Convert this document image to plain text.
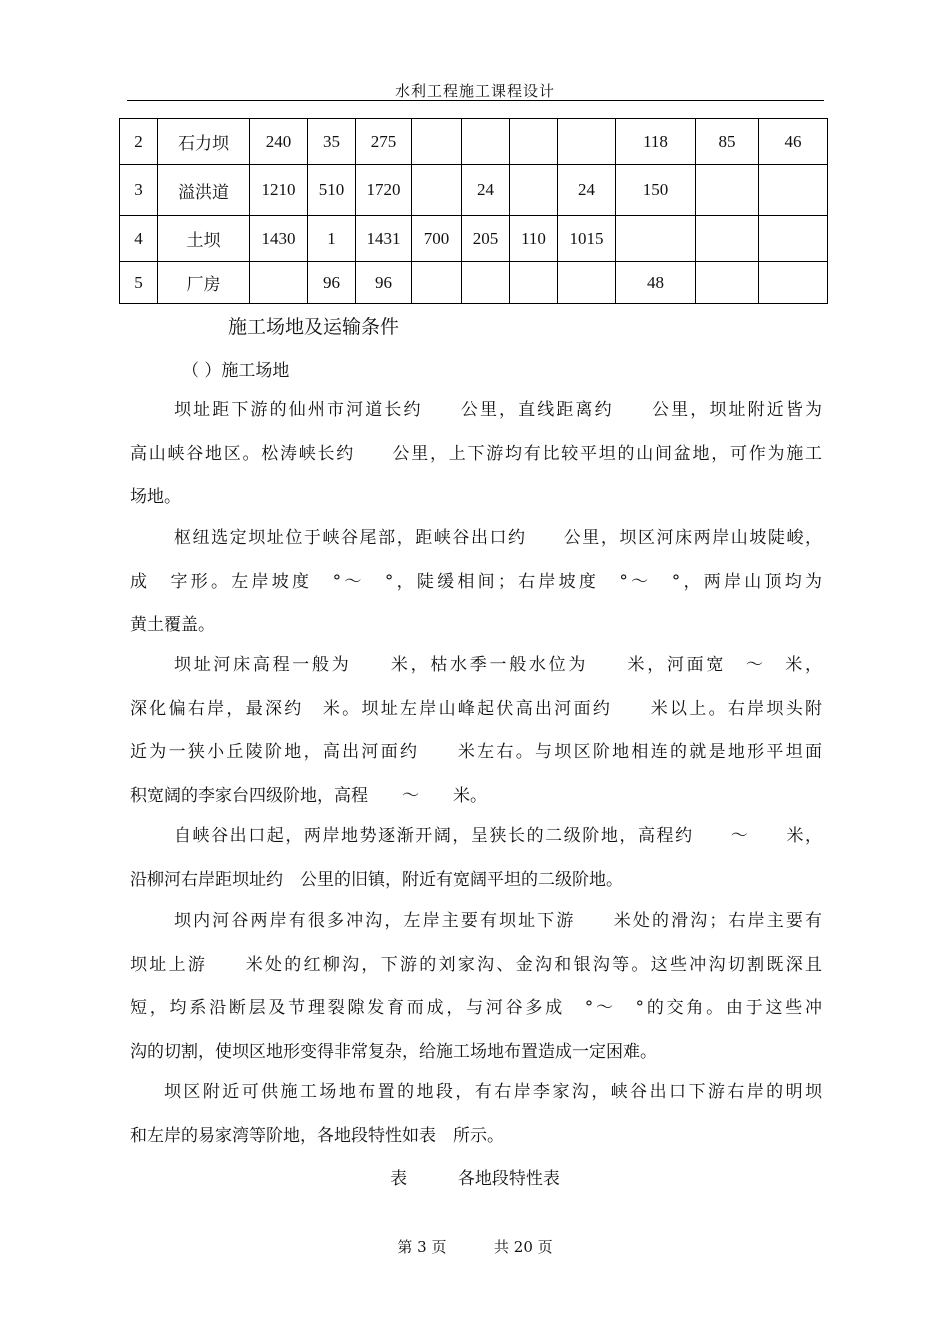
水利工程施工课程设计
2	石力坝	240	35	275					118	85	46
3	溢洪道	1210	510	1720		24		24	150		
4	土坝	1430	1	1431	700	205	110	1015			
5	厂房		96	96					48		
施工场地及运输条件
（ ）施工场地

坝址距下游的仙州市河道长约　　公里，直线距离约　　公里，坝址附近皆为

高山峡谷地区。松涛峡长约　　公里，上下游均有比较平坦的山间盆地，可作为施工

场地。

枢纽选定坝址位于峡谷尾部，距峡谷出口约　　公里，坝区河床两岸山坡陡峻，

成　字形。左岸坡度　°～　°，陡缓相间；右岸坡度　°～　°，两岸山顶均为

黄土覆盖。

坝址河床高程一般为　　米，枯水季一般水位为　　米，河面宽　～　米，

深化偏右岸，最深约　米。坝址左岸山峰起伏高出河面约　　米以上。右岸坝头附

近为一狭小丘陵阶地，高出河面约　　米左右。与坝区阶地相连的就是地形平坦面

积宽阔的李家台四级阶地，高程　　～　　米。

自峡谷出口起，两岸地势逐渐开阔，呈狭长的二级阶地，高程约　　～　　米，

沿柳河右岸距坝址约　公里的旧镇，附近有宽阔平坦的二级阶地。

坝内河谷两岸有很多冲沟，左岸主要有坝址下游　　米处的滑沟；右岸主要有

坝址上游　　米处的红柳沟，下游的刘家沟、金沟和银沟等。这些冲沟切割既深且

短，均系沿断层及节理裂隙发育而成，与河谷多成　°～　°的交角。由于这些冲

沟的切割，使坝区地形变得非常复杂，给施工场地布置造成一定困难。

坝区附近可供施工场地布置的地段，有右岸李家沟，峡谷出口下游右岸的明坝

和左岸的易家湾等阶地，各地段特性如表　所示。

表	各地段特性表
第 3 页	共 20 页
